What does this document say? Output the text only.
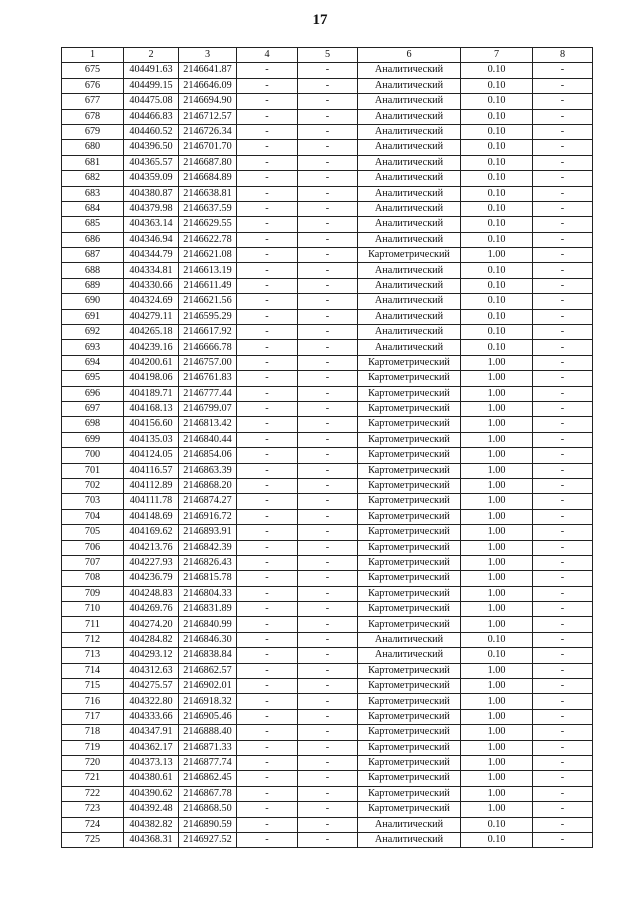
17
1	2	3	4	5	6	7	8
675	404491.63	2146641.87	-	-	Аналитический	0.10	-
676	404499.15	2146646.09	-	-	Аналитический	0.10	-
677	404475.08	2146694.90	-	-	Аналитический	0.10	-
678	404466.83	2146712.57	-	-	Аналитический	0.10	-
679	404460.52	2146726.34	-	-	Аналитический	0.10	-
680	404396.50	2146701.70	-	-	Аналитический	0.10	-
681	404365.57	2146687.80	-	-	Аналитический	0.10	-
682	404359.09	2146684.89	-	-	Аналитический	0.10	-
683	404380.87	2146638.81	-	-	Аналитический	0.10	-
684	404379.98	2146637.59	-	-	Аналитический	0.10	-
685	404363.14	2146629.55	-	-	Аналитический	0.10	-
686	404346.94	2146622.78	-	-	Аналитический	0.10	-
687	404344.79	2146621.08	-	-	Картометрический	1.00	-
688	404334.81	2146613.19	-	-	Аналитический	0.10	-
689	404330.66	2146611.49	-	-	Аналитический	0.10	-
690	404324.69	2146621.56	-	-	Аналитический	0.10	-
691	404279.11	2146595.29	-	-	Аналитический	0.10	-
692	404265.18	2146617.92	-	-	Аналитический	0.10	-
693	404239.16	2146666.78	-	-	Аналитический	0.10	-
694	404200.61	2146757.00	-	-	Картометрический	1.00	-
695	404198.06	2146761.83	-	-	Картометрический	1.00	-
696	404189.71	2146777.44	-	-	Картометрический	1.00	-
697	404168.13	2146799.07	-	-	Картометрический	1.00	-
698	404156.60	2146813.42	-	-	Картометрический	1.00	-
699	404135.03	2146840.44	-	-	Картометрический	1.00	-
700	404124.05	2146854.06	-	-	Картометрический	1.00	-
701	404116.57	2146863.39	-	-	Картометрический	1.00	-
702	404112.89	2146868.20	-	-	Картометрический	1.00	-
703	404111.78	2146874.27	-	-	Картометрический	1.00	-
704	404148.69	2146916.72	-	-	Картометрический	1.00	-
705	404169.62	2146893.91	-	-	Картометрический	1.00	-
706	404213.76	2146842.39	-	-	Картометрический	1.00	-
707	404227.93	2146826.43	-	-	Картометрический	1.00	-
708	404236.79	2146815.78	-	-	Картометрический	1.00	-
709	404248.83	2146804.33	-	-	Картометрический	1.00	-
710	404269.76	2146831.89	-	-	Картометрический	1.00	-
711	404274.20	2146840.99	-	-	Картометрический	1.00	-
712	404284.82	2146846.30	-	-	Аналитический	0.10	-
713	404293.12	2146838.84	-	-	Аналитический	0.10	-
714	404312.63	2146862.57	-	-	Картометрический	1.00	-
715	404275.57	2146902.01	-	-	Картометрический	1.00	-
716	404322.80	2146918.32	-	-	Картометрический	1.00	-
717	404333.66	2146905.46	-	-	Картометрический	1.00	-
718	404347.91	2146888.40	-	-	Картометрический	1.00	-
719	404362.17	2146871.33	-	-	Картометрический	1.00	-
720	404373.13	2146877.74	-	-	Картометрический	1.00	-
721	404380.61	2146862.45	-	-	Картометрический	1.00	-
722	404390.62	2146867.78	-	-	Картометрический	1.00	-
723	404392.48	2146868.50	-	-	Картометрический	1.00	-
724	404382.82	2146890.59	-	-	Аналитический	0.10	-
725	404368.31	2146927.52	-	-	Аналитический	0.10	-
